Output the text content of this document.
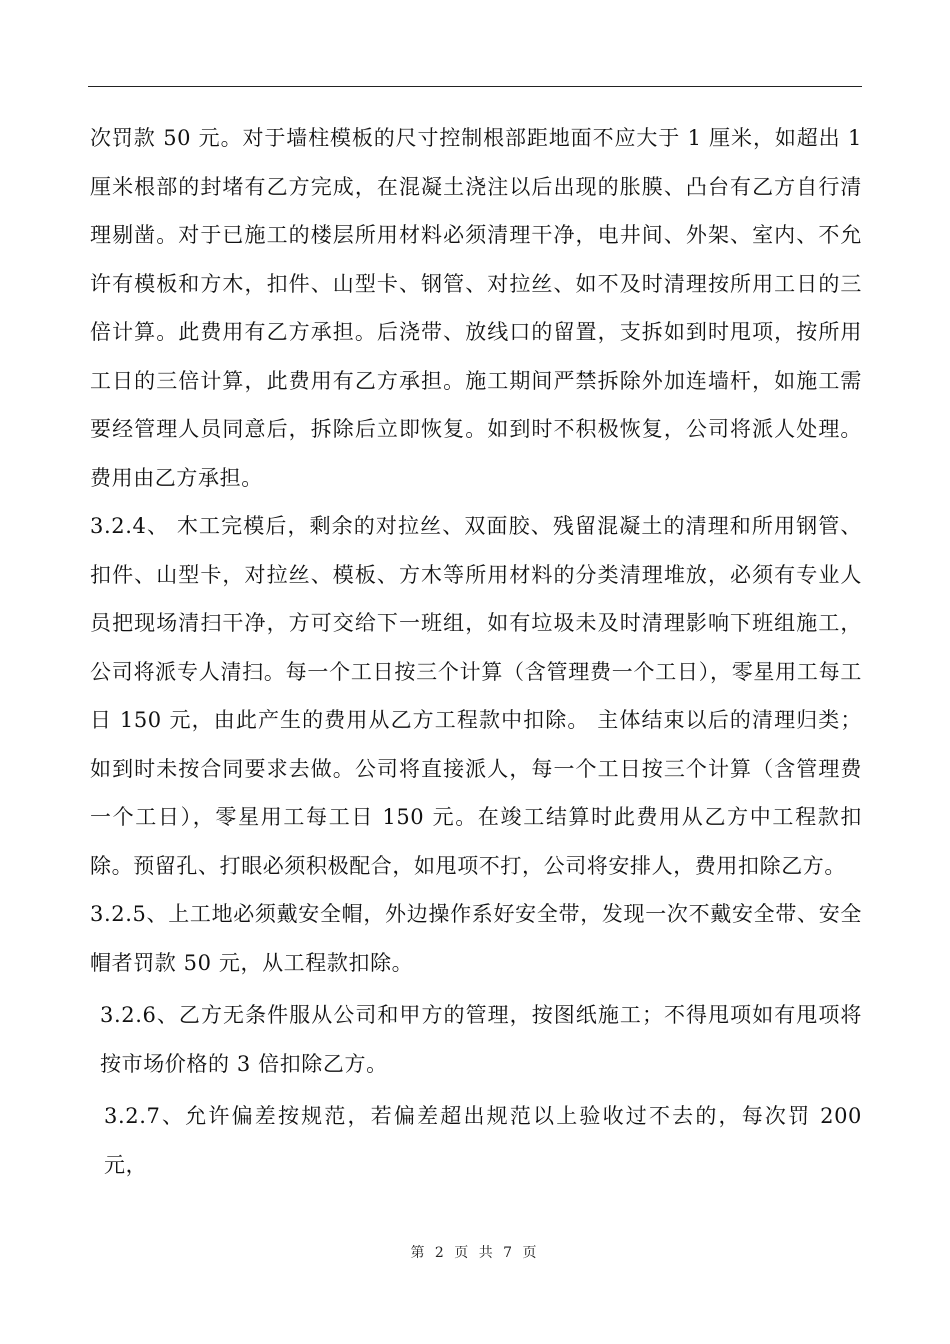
次罚款 50 元。对于墙柱模板的尺寸控制根部距地面不应大于 1 厘米，如超出 1 厘米根部的封堵有乙方完成，在混凝土浇注以后出现的胀膜、凸台有乙方自行清理剔凿。对于已施工的楼层所用材料必须清理干净，电井间、外架、室内、不允许有模板和方木，扣件、山型卡、钢管、对拉丝、如不及时清理按所用工日的三倍计算。此费用有乙方承担。后浇带、放线口的留置，支拆如到时甩项，按所用工日的三倍计算，此费用有乙方承担。施工期间严禁拆除外加连墙杆，如施工需要经管理人员同意后，拆除后立即恢复。如到时不积极恢复，公司将派人处理。费用由乙方承担。

3.2.4、 木工完模后，剩余的对拉丝、双面胶、残留混凝土的清理和所用钢管、扣件、山型卡，对拉丝、模板、方木等所用材料的分类清理堆放，必须有专业人员把现场清扫干净，方可交给下一班组，如有垃圾未及时清理影响下班组施工，公司将派专人清扫。每一个工日按三个计算（含管理费一个工日），零星用工每工日 150 元，由此产生的费用从乙方工程款中扣除。 主体结束以后的清理归类；如到时未按合同要求去做。公司将直接派人，每一个工日按三个计算（含管理费一个工日），零星用工每工日 150 元。在竣工结算时此费用从乙方中工程款扣除。预留孔、打眼必须积极配合，如甩项不打，公司将安排人，费用扣除乙方。

3.2.5、上工地必须戴安全帽，外边操作系好安全带，发现一次不戴安全带、安全帽者罚款 50 元，从工程款扣除。

3.2.6、乙方无条件服从公司和甲方的管理，按图纸施工；不得甩项如有甩项将按市场价格的 3 倍扣除乙方。

3.2.7、允许偏差按规范，若偏差超出规范以上验收过不去的，每次罚 200 元，

第 2 页 共 7 页
